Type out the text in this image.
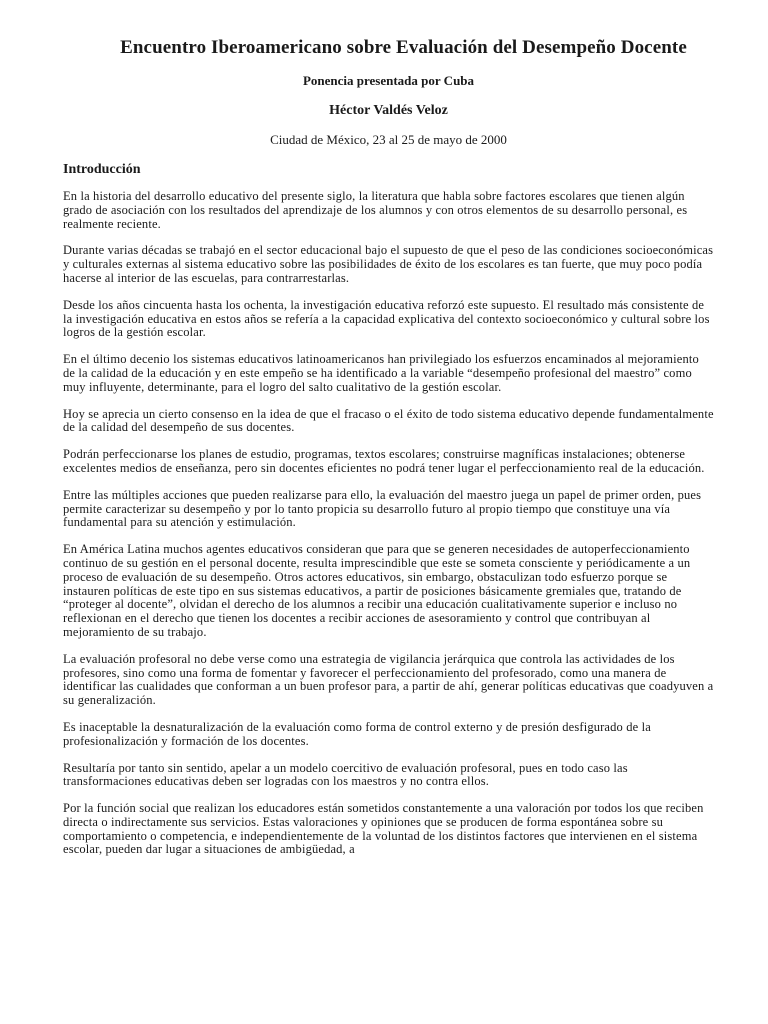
Encuentro Iberoamericano sobre Evaluación del Desempeño Docente
Ponencia presentada por Cuba
Héctor Valdés Veloz
Ciudad de México, 23 al 25 de mayo de 2000
Introducción

En la historia del desarrollo educativo del presente siglo, la literatura que habla sobre factores escolares que tienen algún grado de asociación con los resultados del aprendizaje de los alumnos y con otros elementos de su desarrollo personal, es realmente reciente.

Durante varias décadas se trabajó en el sector educacional bajo el supuesto de que el peso de las condiciones socioeconómicas y culturales externas al sistema educativo sobre las posibilidades de éxito de los escolares es tan fuerte, que muy poco podía hacerse al interior de las escuelas, para contrarrestarlas.

Desde los años cincuenta hasta los ochenta, la investigación educativa reforzó este supuesto. El resultado más consistente de la investigación educativa en estos años se refería a la capacidad explicativa del contexto socioeconómico y cultural sobre los logros de la gestión escolar.

En el último decenio los sistemas educativos latinoamericanos han privilegiado los esfuerzos encaminados al mejoramiento de la calidad de la educación y en este empeño se ha identificado a la variable “desempeño profesional del maestro” como muy influyente, determinante, para el logro del salto cualitativo de la gestión escolar.

Hoy se aprecia un cierto consenso en la idea de que el fracaso o el éxito de todo sistema educativo depende fundamentalmente de la calidad del desempeño de sus docentes.

Podrán perfeccionarse los planes de estudio, programas, textos escolares; construirse magníficas instalaciones; obtenerse excelentes medios de enseñanza, pero sin docentes eficientes no podrá tener lugar el perfeccionamiento real de la educación.

Entre las múltiples acciones que pueden realizarse para ello, la evaluación del maestro juega un papel de primer orden, pues permite caracterizar su desempeño y por lo tanto propicia su desarrollo futuro al propio tiempo que constituye una vía fundamental para su atención y estimulación.

En América Latina muchos agentes educativos consideran que para que se generen necesidades de autoperfeccionamiento continuo de su gestión en el personal docente, resulta imprescindible que este se someta consciente y periódicamente a un proceso de evaluación de su desempeño. Otros actores educativos, sin embargo, obstaculizan todo esfuerzo porque se instauren políticas de este tipo en sus sistemas educativos, a partir de posiciones básicamente gremiales que, tratando de “proteger al docente”, olvidan el derecho de los alumnos a recibir una educación cualitativamente superior e incluso no reflexionan en el derecho que tienen los docentes a recibir acciones de asesoramiento y control que contribuyan al mejoramiento de su trabajo.

La evaluación profesoral no debe verse como una estrategia de vigilancia jerárquica que controla las actividades de los profesores, sino como una forma de fomentar y favorecer el perfeccionamiento del profesorado, como una manera de identificar las cualidades que conforman a un buen profesor para, a partir de ahí, generar políticas educativas que coadyuven a su generalización.

Es inaceptable la desnaturalización de la evaluación como forma de control externo y de presión desfigurado de la profesionalización y formación de los docentes.

Resultaría por tanto sin sentido, apelar a un modelo coercitivo de evaluación profesoral, pues en todo caso las transformaciones educativas deben ser logradas con los maestros y no contra ellos.

Por la función social que realizan los educadores están sometidos constantemente a una valoración por todos los que reciben directa o indirectamente sus servicios. Estas valoraciones y opiniones que se producen de forma espontánea sobre su comportamiento o competencia, e independientemente de la voluntad de los distintos factores que intervienen en el sistema escolar, pueden dar lugar a situaciones de ambigüedad, a
